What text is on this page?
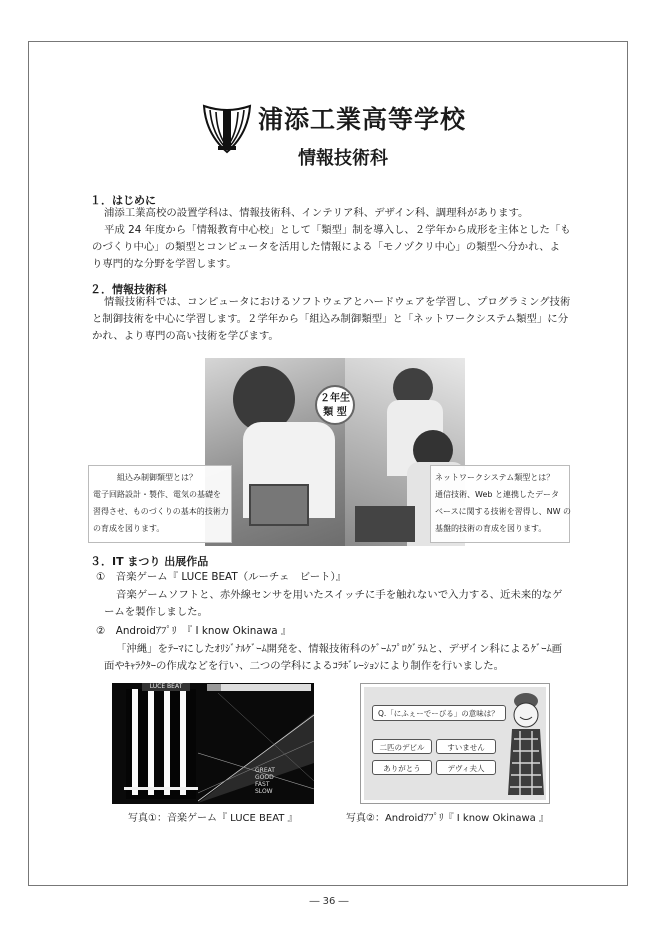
浦添工業高等学校
情報技術科
１．はじめに
浦添工業高校の設置学科は、情報技術科、インテリア科、デザイン科、調理科があります。
平成 24 年度から「情報教育中心校」として「類型」制を導入し、２学年から成形を主体とした「も
のづくり中心」の類型とコンピュータを活用した情報による「モノヅクリ中心」の類型へ分かれ、よ
り専門的な分野を学習します。
２．情報技術科
情報技術科では、コンピュータにおけるソフトウェアとハードウェアを学習し、プログラミング技術
と制御技術を中心に学習します。２学年から「組込み制御類型」と「ネットワークシステム類型」に分
かれ、より専門の高い技術を学びます。
２年生
類 型
組込み制御類型とは？
電子回路設計・製作、電気の基礎を
習得させ、ものづくりの基本的技術力
の育成を図ります。
ネットワークシステム類型とは？
通信技術、Web と連携したデータ
ベースに関する技術を習得し、NW の
基盤的技術の育成を図ります。
３．IT まつり 出展作品
①　音楽ゲーム『 LUCE BEAT（ルーチェ　ビート）』
音楽ゲームソフトと、赤外線センサを用いたスイッチに手を触れないで入力する、近未来的なゲ
ームを製作しました。
②　Androidｱﾌﾟﾘ　『 I know Okinawa 』
「沖縄」をﾃｰﾏにしたｵﾘｼﾞﾅﾙｹﾞｰﾑ開発を、情報技術科のｹﾞｰﾑﾌﾟﾛｸﾞﾗﾑと、デザイン科によるｹﾞｰﾑ画
面やｷｬﾗｸﾀｰの作成などを行い、二つの学科によるｺﾗﾎﾞﾚｰｼｮﾝにより制作を行いました。
LUCE BEAT
GREAT
GOOD
FAST
SLOW
写真①：音楽ゲーム『 LUCE BEAT 』
Q.「にふぇーでーびる」の意味は？
二匹のデビル	すいません
ありがとう	デヴィ夫人
写真②：Androidｱﾌﾟﾘ『 I know Okinawa 』
― 36 ―
